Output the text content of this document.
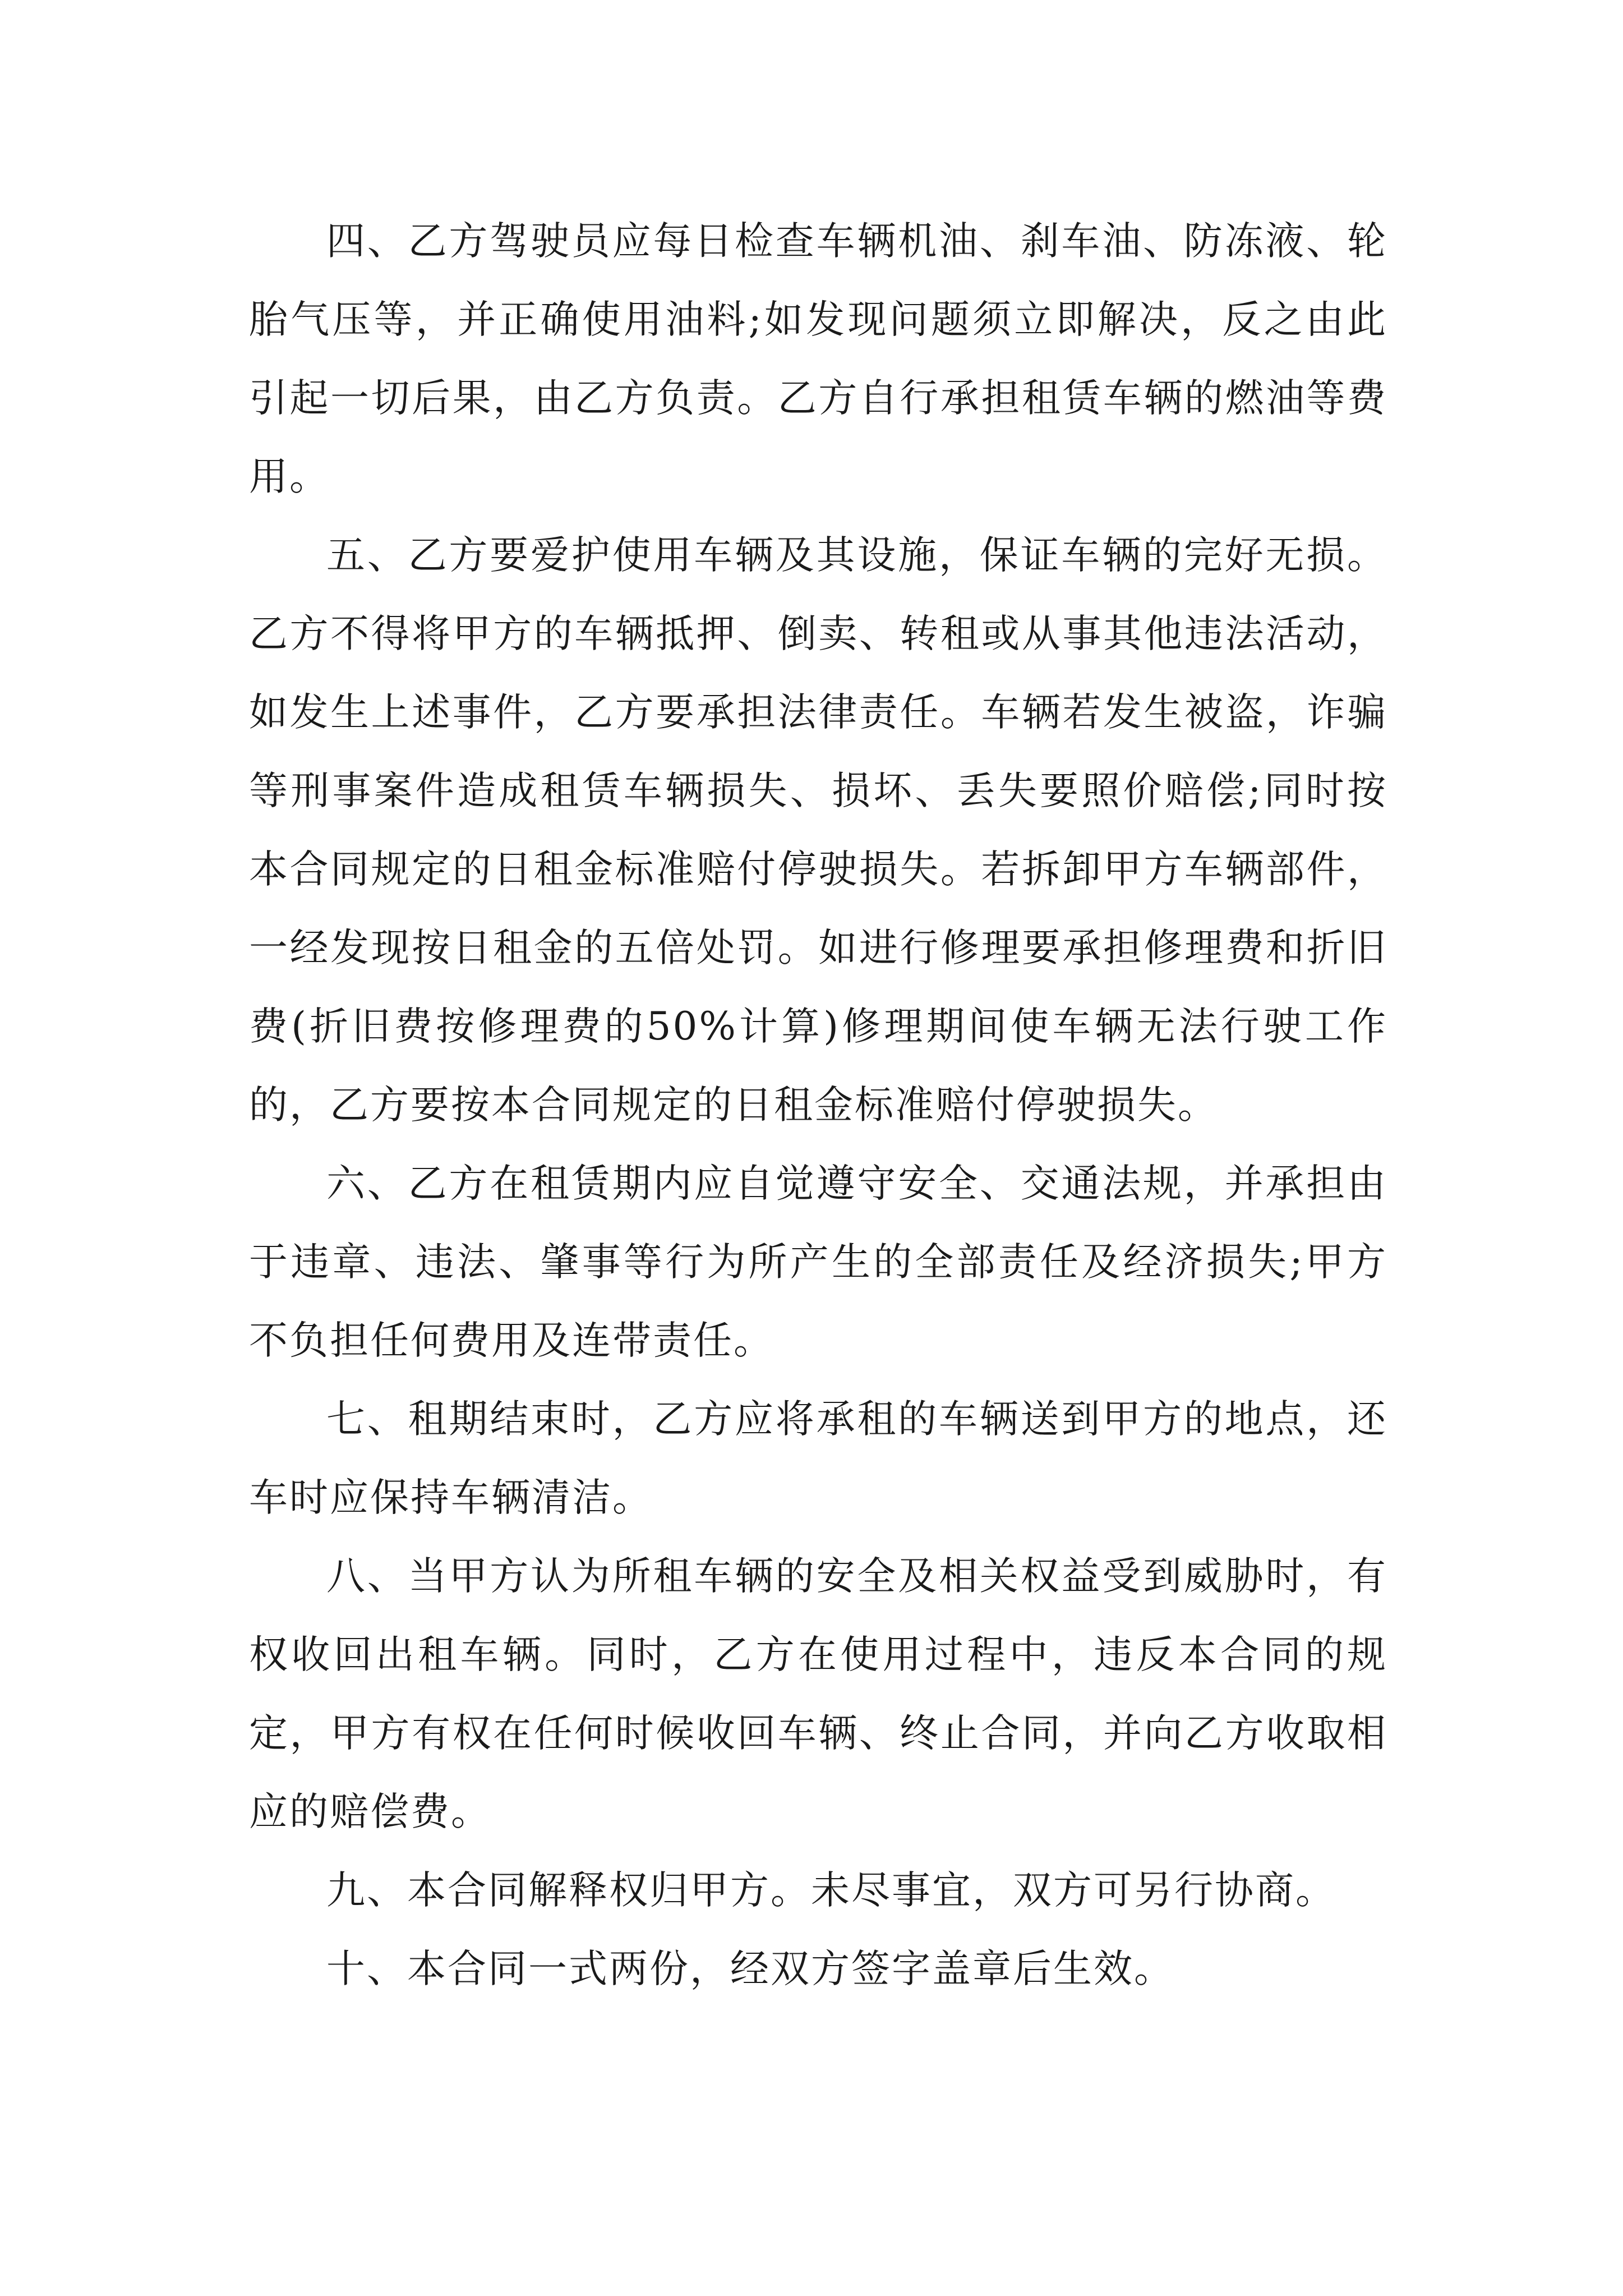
四、乙方驾驶员应每日检查车辆机油、刹车油、防冻液、轮胎气压等，并正确使用油料;如发现问题须立即解决，反之由此引起一切后果，由乙方负责。乙方自行承担租赁车辆的燃油等费用。

五、乙方要爱护使用车辆及其设施，保证车辆的完好无损。乙方不得将甲方的车辆抵押、倒卖、转租或从事其他违法活动，如发生上述事件，乙方要承担法律责任。车辆若发生被盗，诈骗等刑事案件造成租赁车辆损失、损坏、丢失要照价赔偿;同时按本合同规定的日租金标准赔付停驶损失。若拆卸甲方车辆部件，一经发现按日租金的五倍处罚。如进行修理要承担修理费和折旧费(折旧费按修理费的50%计算)修理期间使车辆无法行驶工作的，乙方要按本合同规定的日租金标准赔付停驶损失。

六、乙方在租赁期内应自觉遵守安全、交通法规，并承担由于违章、违法、肇事等行为所产生的全部责任及经济损失;甲方不负担任何费用及连带责任。

七、租期结束时，乙方应将承租的车辆送到甲方的地点，还车时应保持车辆清洁。

八、当甲方认为所租车辆的安全及相关权益受到威胁时，有权收回出租车辆。同时，乙方在使用过程中，违反本合同的规定，甲方有权在任何时候收回车辆、终止合同，并向乙方收取相应的赔偿费。

九、本合同解释权归甲方。未尽事宜，双方可另行协商。

十、本合同一式两份，经双方签字盖章后生效。
